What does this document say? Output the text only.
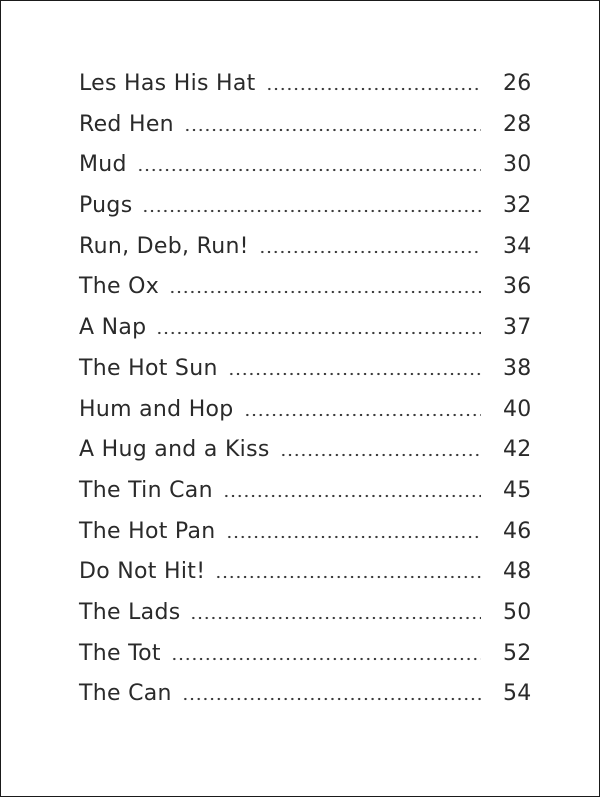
Les Has His Hat	26
Red Hen	28
Mud	30
Pugs	32
Run, Deb, Run!	34
The Ox	36
A Nap	37
The Hot Sun	38
Hum and Hop	40
A Hug and a Kiss	42
The Tin Can	45
The Hot Pan	46
Do Not Hit!	48
The Lads	50
The Tot	52
The Can	54
